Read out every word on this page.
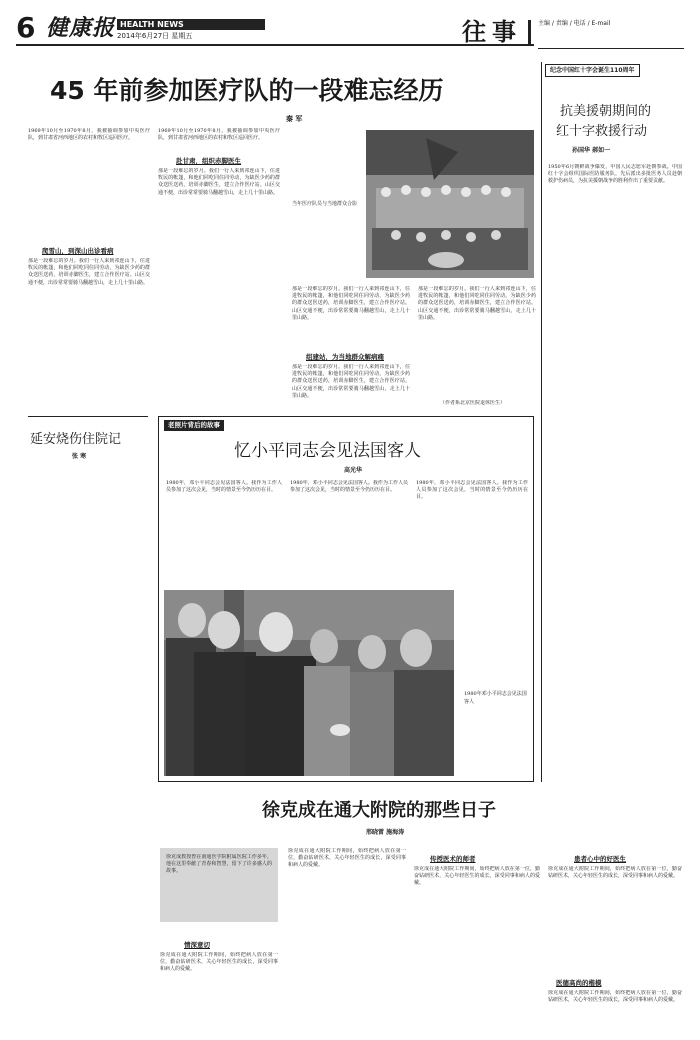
6 健康报 HEALTH NEWS
2014年6月27日 星期五	往事	主编 / 责编 / 电话 / E-mail
45 年前参加医疗队的一段难忘经历
秦 军
1969年10月至1970年8月，我被抽调参加中央医疗队，到甘肃省河西地区的农村和牧区巡回医疗。
爬雪山，到深山出诊看病
那是一段难忘的岁月。我们一行人来到祁连山下，住进牧民的帐篷，和他们同吃同住同劳动，为缺医少药的群众送医送药，培训赤脚医生，建立合作医疗站。山区交通不便，出诊常常要骑马翻越雪山，走上几十里山路。
赴甘肃，组织赤脚医生
1969年10月至1970年8月，我被抽调参加中央医疗队，到甘肃省河西地区的农村和牧区巡回医疗。
那是一段难忘的岁月。我们一行人来到祁连山下，住进牧民的帐篷，和他们同吃同住同劳动，为缺医少药的群众送医送药，培训赤脚医生，建立合作医疗站。山区交通不便，出诊常常要骑马翻越雪山，走上几十里山路。
当年医疗队员与当地群众合影
那是一段难忘的岁月。我们一行人来到祁连山下，住进牧民的帐篷，和他们同吃同住同劳动，为缺医少药的群众送医送药，培训赤脚医生，建立合作医疗站。山区交通不便，出诊常常要骑马翻越雪山，走上几十里山路。
组建站，为当地群众解病痛
那是一段难忘的岁月。我们一行人来到祁连山下，住进牧民的帐篷，和他们同吃同住同劳动，为缺医少药的群众送医送药，培训赤脚医生，建立合作医疗站。山区交通不便，出诊常常要骑马翻越雪山，走上几十里山路。
那是一段难忘的岁月。我们一行人来到祁连山下，住进牧民的帐篷，和他们同吃同住同劳动，为缺医少药的群众送医送药，培训赤脚医生，建立合作医疗站。山区交通不便，出诊常常要骑马翻越雪山，走上几十里山路。
（作者系北京医院退休医生）
纪念中国红十字会诞生110周年
抗美援朝期间的
红十字救援行动
孙国华 郝如一
1950年6月朝鲜战争爆发，中国人民志愿军赴朝参战。中国红十字会组织国际医防服务队，先后派出多批医务人员赴朝救护伤病员，为抗美援朝战争的胜利作出了重要贡献。
延安烧伤住院记
张 寒
老照片背后的故事
忆小平同志会见法国客人
高光华
1980年，邓小平同志会见法国客人。我作为工作人员参加了这次会见，当时的情景至今仍历历在目。
1980年，邓小平同志会见法国客人。我作为工作人员参加了这次会见，当时的情景至今仍历历在目。
1980年，邓小平同志会见法国客人。我作为工作人员参加了这次会见，当时的情景至今仍历历在目。
1980年邓小平同志会见法国客人
徐克成在通大附院的那些日子
邢晓雷 施海涛
徐克成教授曾在南通医学院附属医院工作多年，他在这里奉献了青春和智慧，留下了许多感人的故事。
情深意切
徐克成在通大附院工作期间，始终把病人放在第一位，勤奋钻研医术，关心年轻医生的成长，深受同事和病人的爱戴。
徐克成在通大附院工作期间，始终把病人放在第一位，勤奋钻研医术，关心年轻医生的成长，深受同事和病人的爱戴。
传授医术的师者
徐克成在通大附院工作期间，始终把病人放在第一位，勤奋钻研医术，关心年轻医生的成长，深受同事和病人的爱戴。
患者心中的好医生
徐克成在通大附院工作期间，始终把病人放在第一位，勤奋钻研医术，关心年轻医生的成长，深受同事和病人的爱戴。
医德高尚的楷模
徐克成在通大附院工作期间，始终把病人放在第一位，勤奋钻研医术，关心年轻医生的成长，深受同事和病人的爱戴。
